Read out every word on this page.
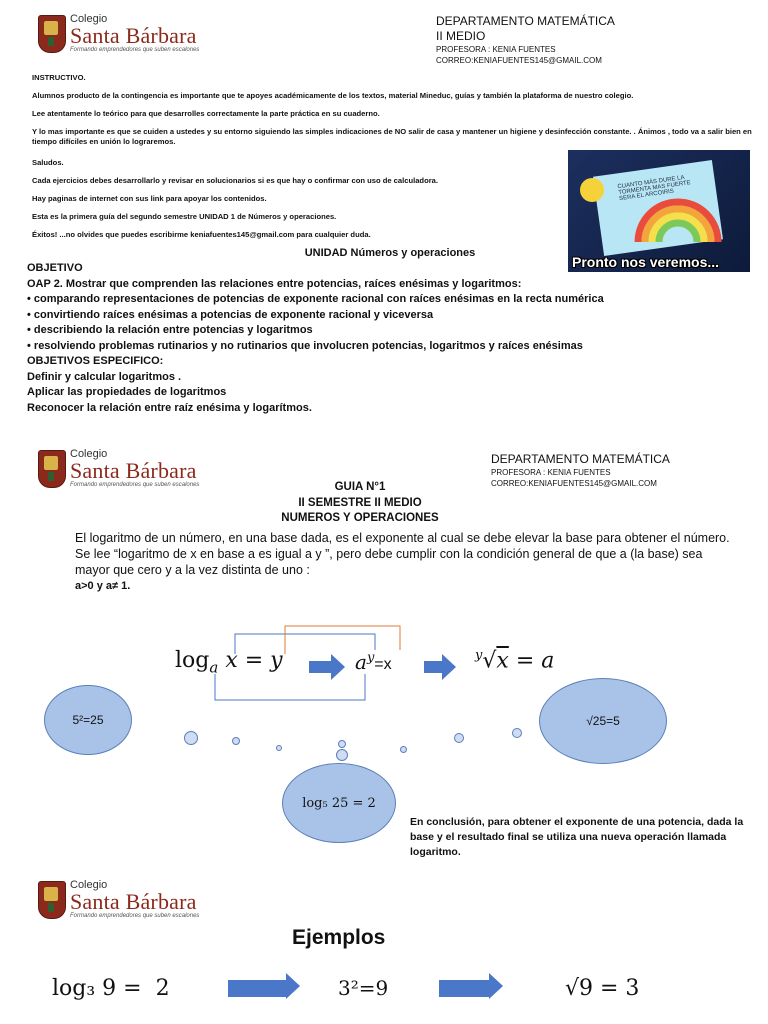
Colegio
Santa Bárbara
Formando emprendedores que suben escalones
DEPARTAMENTO MATEMÁTICA
II MEDIO
PROFESORA : KENIA FUENTES
CORREO:KENIAFUENTES145@GMAIL.COM

INSTRUCTIVO.

Alumnos producto de la contingencia es importante que te apoyes académicamente de los textos, material Mineduc, guías y también la plataforma de nuestro colegio.

Lee atentamente lo teórico para que desarrolles correctamente la parte práctica en su cuaderno.

Y lo mas importante es que se cuiden a ustedes y su entorno siguiendo las simples indicaciones de NO salir de casa y mantener un higiene y desinfección constante. . Ánimos , todo va a salir bien en tiempo difíciles en unión lo lograremos.

Saludos.

Cada ejercicios debes desarrollarlo y revisar en solucionarios si es que hay o confirmar con uso de calculadora.

Hay paginas de internet con sus link para apoyar los contenidos.

Esta es la primera guía del segundo semestre UNIDAD 1 de Números y operaciones.

Éxitos! ...no olvides que puedes escribirme keniafuentes145@gmail.com para cualquier duda.

CUANTO MÁS DURE LA TORMENTA MAS FUERTE SERA EL ARCOIRIS
Pronto nos veremos...
UNIDAD Números y operaciones

OBJETIVO

OAP 2. Mostrar que comprenden las relaciones entre potencias, raíces enésimas y logaritmos:

• comparando representaciones de potencias de exponente racional con raíces enésimas en la recta numérica

• convirtiendo raíces enésimas a potencias de exponente racional y viceversa

• describiendo la relación entre potencias y logaritmos

• resolviendo problemas rutinarios y no rutinarios que involucren potencias, logaritmos y raíces enésimas

OBJETIVOS ESPECIFICO:

Definir y calcular logaritmos .

Aplicar las propiedades de logaritmos

Reconocer la relación entre raíz enésima y logarítmos.

Colegio
Santa Bárbara
Formando emprendedores que suben escalones
DEPARTAMENTO MATEMÁTICA
PROFESORA : KENIA FUENTES
CORREO:KENIAFUENTES145@GMAIL.COM
GUIA N°1
II SEMESTRE II MEDIO
NUMEROS Y OPERACIONES
El logaritmo de un número, en una base dada, es el exponente al cual se debe elevar la base para obtener el número.
Se lee “logaritmo de x en base a es igual a y ”, pero debe cumplir con la condición general de que a (la base) sea mayor que cero y a la vez distinta de uno :
a>0 y a≠ 1.
$\log_a x = y$	$a^y=x$
$^y$√x = a
5²=25	√25=5
log₅ 25 = 2
En conclusión, para obtener el exponente de una potencia, dada la base y el resultado final se utiliza una nueva operación llamada logaritmo.
Colegio
Santa Bárbara
Formando emprendedores que suben escalones
Ejemplos
log₃ 9 =  2	3²=9	√9 = 3
